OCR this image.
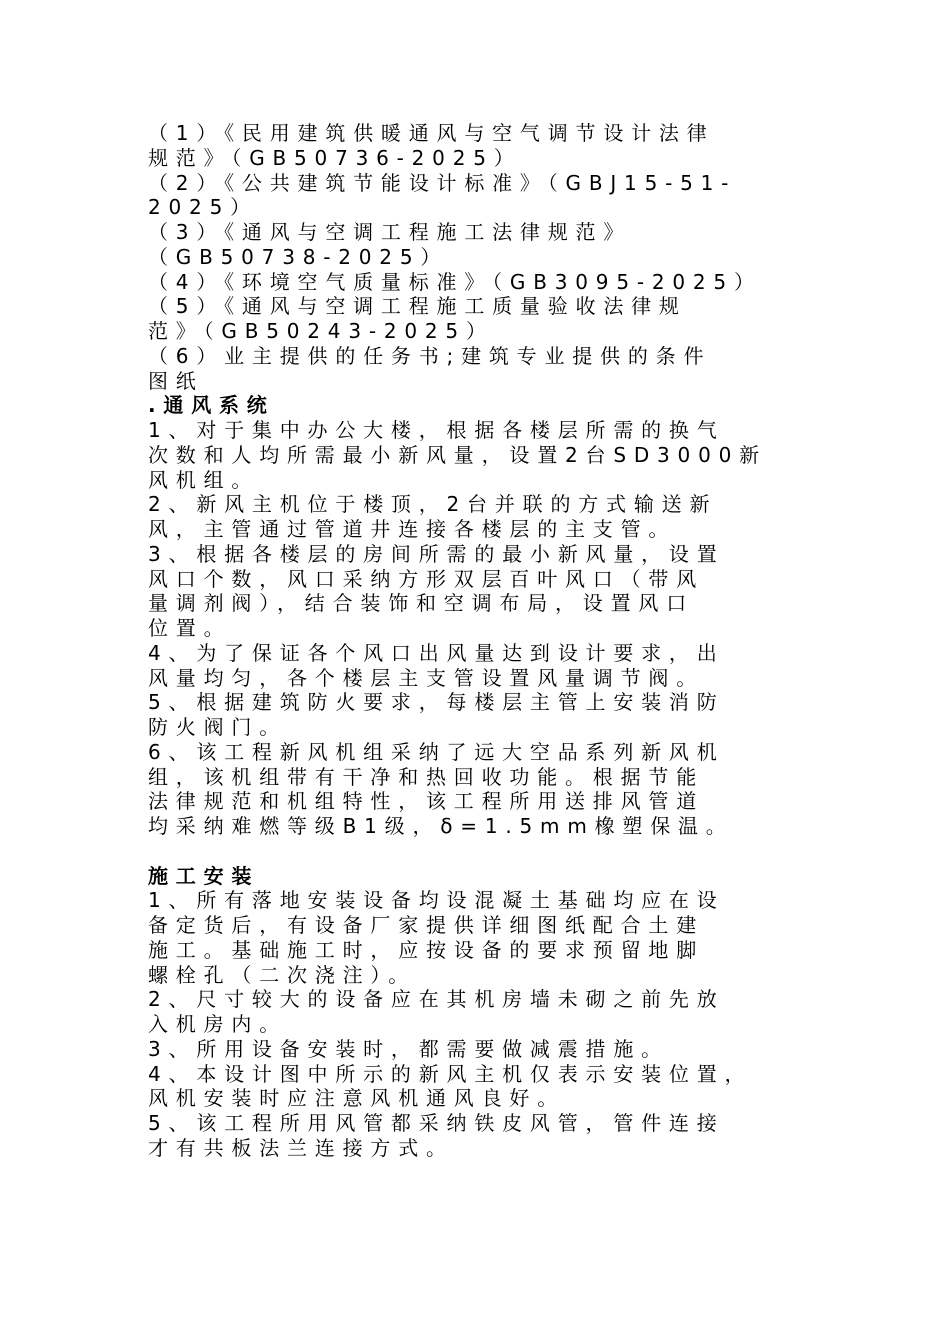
（1）《民用建筑供暖通风与空气调节设计法律
规范》（GB50736-2025）
（2）《公共建筑节能设计标准》（GBJ15-51-
2025）
（3）《通风与空调工程施工法律规范》
（GB50738-2025）
（4）《环境空气质量标准》（GB3095-2025）
（5）《通风与空调工程施工质量验收法律规
范》（GB50243-2025）
（6）业主提供的任务书;建筑专业提供的条件
图纸
.通风系统
1、对于集中办公大楼，根据各楼层所需的换气
次数和人均所需最小新风量，设置2台SD3000新
风机组。
2、新风主机位于楼顶，2台并联的方式输送新
风，主管通过管道井连接各楼层的主支管。
3、根据各楼层的房间所需的最小新风量，设置
风口个数，风口采纳方形双层百叶风口（带风
量调剂阀），结合装饰和空调布局，设置风口
位置。
4、为了保证各个风口出风量达到设计要求，出
风量均匀，各个楼层主支管设置风量调节阀。
5、根据建筑防火要求，每楼层主管上安装消防
防火阀门。
6、该工程新风机组采纳了远大空品系列新风机
组，该机组带有干净和热回收功能。根据节能
法律规范和机组特性，该工程所用送排风管道
均采纳难燃等级B1级，δ=1.5mm橡塑保温。
施工安装
1、所有落地安装设备均设混凝土基础均应在设
备定货后，有设备厂家提供详细图纸配合土建
施工。基础施工时，应按设备的要求预留地脚
螺栓孔（二次浇注）。
2、尺寸较大的设备应在其机房墙未砌之前先放
入机房内。
3、所用设备安装时，都需要做减震措施。
4、本设计图中所示的新风主机仅表示安装位置，
风机安装时应注意风机通风良好。
5、该工程所用风管都采纳铁皮风管，管件连接
才有共板法兰连接方式。
